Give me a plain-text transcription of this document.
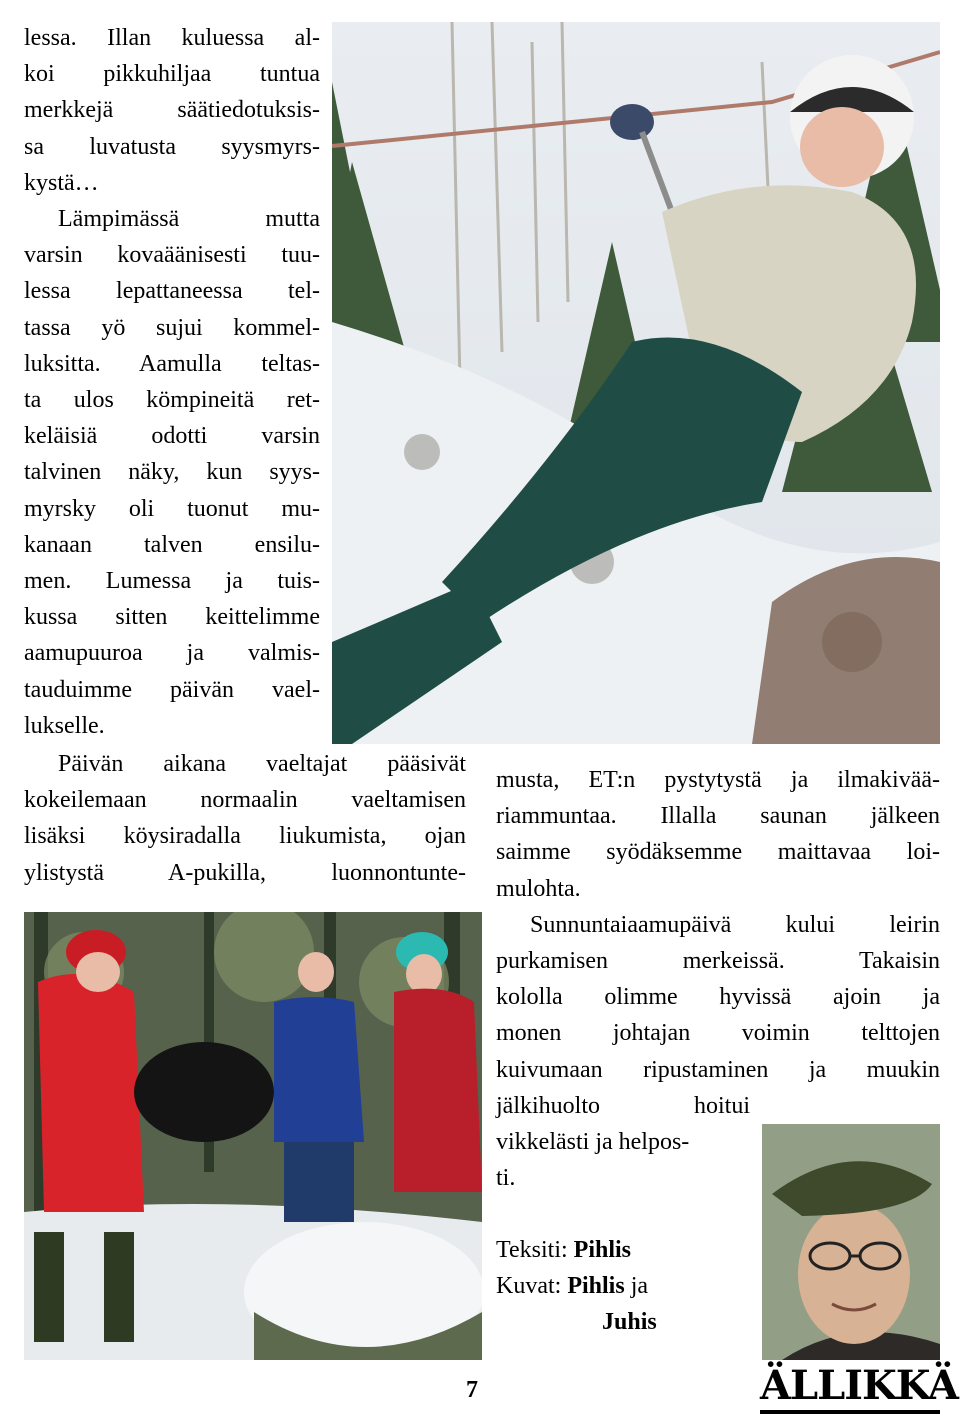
lessa. Illan kuluessa al-
koi pikkuhiljaa tuntua
merkkejä säätiedotuksis-
sa luvatusta syysmyrs-
kystä…
Lämpimässä mutta
varsin kovaäänisesti tuu-
lessa lepattaneessa tel-
tassa yö sujui kommel-
luksitta. Aamulla teltas-
ta ulos kömpineitä ret-
keläisiä odotti varsin
talvinen näky, kun syys-
myrsky oli tuonut mu-
kanaan talven ensilu-
men. Lumessa ja tuis-
kussa sitten keittelimme
aamupuuroa ja valmis-
tauduimme päivän vael-
lukselle.
Päivän aikana vaeltajat pääsivät
kokeilemaan normaalin vaeltamisen
lisäksi köysiradalla liukumista, ojan
ylistystä A-pukilla, luonnontunte-
musta, ET:n pystytystä ja ilmakivää-
riammuntaa. Illalla saunan jälkeen
saimme syödäksemme maittavaa loi-
mulohta.
Sunnuntaiaamupäivä kului leirin
purkamisen merkeissä. Takaisin
kololla olimme hyvissä ajoin ja
monen johtajan voimin telttojen
kuivumaan ripustaminen ja muukin
jälkihuolto hoitui
vikkelästi ja helpos-
ti.
Teksiti: Pihlis
Kuvat: Pihlis ja
Juhis
7	ÄLLIKKÄ
